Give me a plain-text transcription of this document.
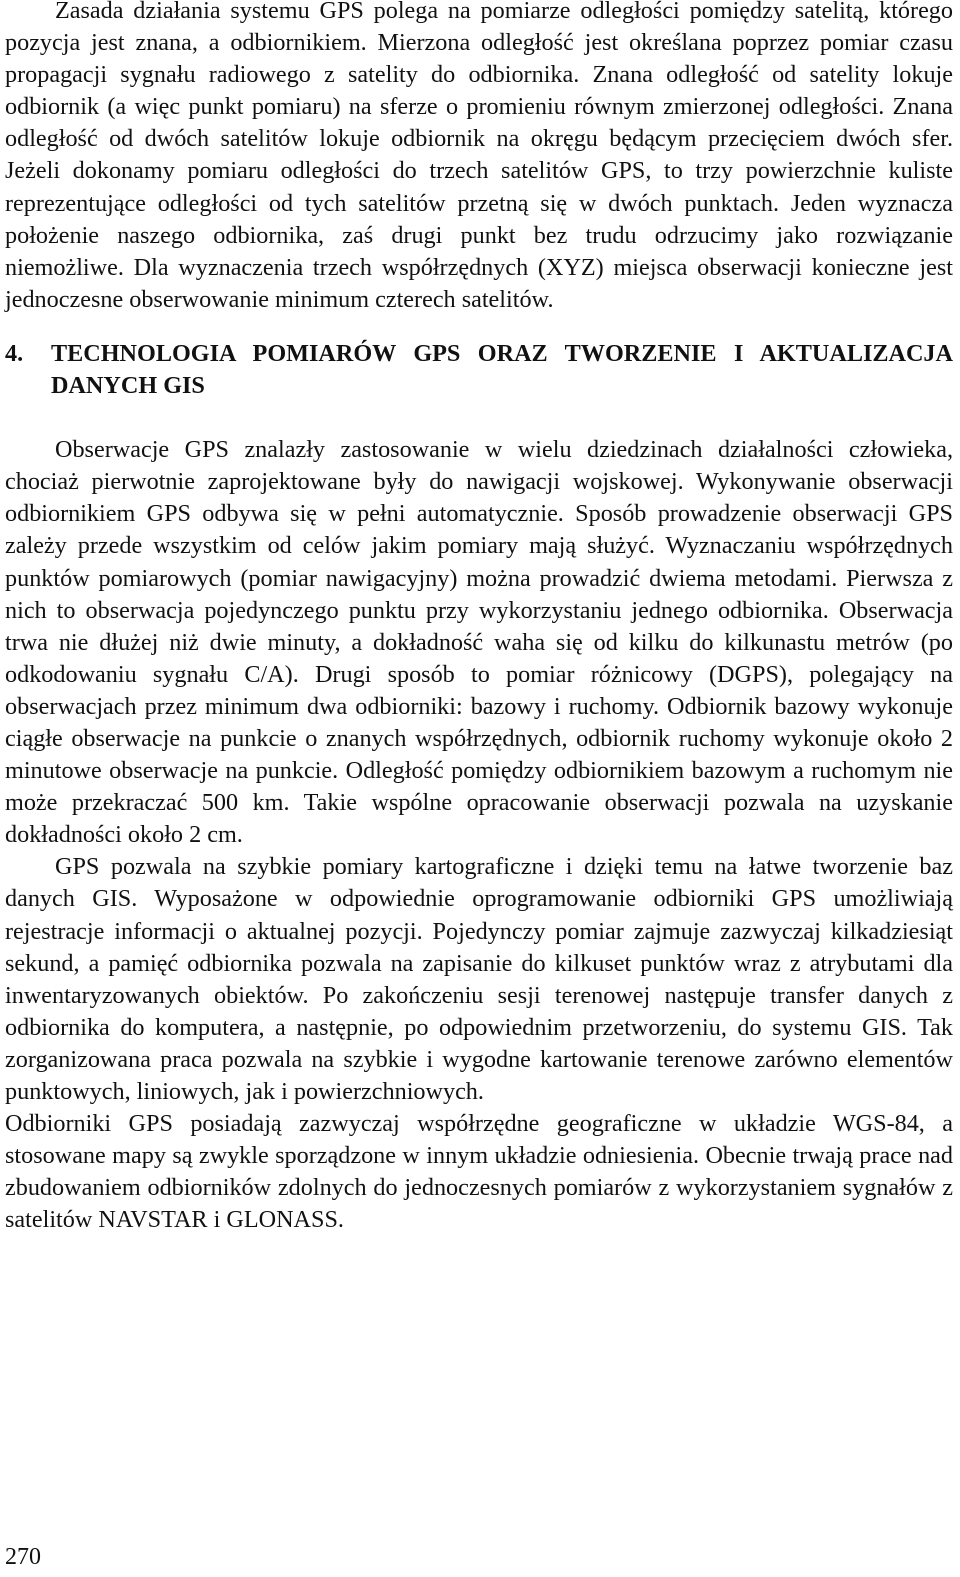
Zasada działania systemu GPS polega na pomiarze odległości pomiędzy satelitą, którego pozycja jest znana, a odbiornikiem. Mierzona odległość jest określana poprzez pomiar czasu propagacji sygnału radiowego z satelity do odbiornika. Znana odległość od satelity lokuje odbiornik (a więc punkt pomiaru) na sferze o promieniu równym zmierzonej odległości. Znana odległość od dwóch satelitów lokuje odbiornik na okręgu będącym przecięciem dwóch sfer. Jeżeli dokonamy pomiaru odległości do trzech satelitów GPS, to trzy powierzchnie kuliste reprezentujące odległości od tych satelitów przetną się w dwóch punktach. Jeden wyznacza położenie naszego odbiornika, zaś drugi punkt bez trudu odrzucimy jako rozwiązanie niemożliwe. Dla wyznaczenia trzech współrzędnych (XYZ) miejsca obserwacji konieczne jest jednoczesne obserwowanie minimum czterech satelitów.

4.	TECHNOLOGIA POMIARÓW GPS ORAZ TWORZENIE I AKTUALIZACJA DANYCH GIS

Obserwacje GPS znalazły zastosowanie w wielu dziedzinach działalności człowieka, chociaż pierwotnie zaprojektowane były do nawigacji wojskowej. Wykonywanie obserwacji odbiornikiem GPS odbywa się w pełni automatycznie. Sposób prowadzenie obserwacji GPS zależy przede wszystkim od celów jakim pomiary mają służyć. Wyznaczaniu współrzędnych punktów pomiarowych (pomiar nawigacyjny) można prowadzić dwiema metodami. Pierwsza z nich to obserwacja pojedynczego punktu przy wykorzystaniu jednego odbiornika. Obserwacja trwa nie dłużej niż dwie minuty, a dokładność waha się od kilku do kilkunastu metrów (po odkodowaniu sygnału C/A). Drugi sposób to pomiar różnicowy (DGPS), polegający na obserwacjach przez minimum dwa odbiorniki: bazowy i ruchomy. Odbiornik bazowy wykonuje ciągłe obserwacje na punkcie o znanych współrzędnych, odbiornik ruchomy wykonuje około 2 minutowe obserwacje na punkcie. Odległość pomiędzy odbiornikiem bazowym a ruchomym nie może przekraczać 500 km. Takie wspólne opracowanie obserwacji pozwala na uzyskanie dokładności około 2 cm.

GPS pozwala na szybkie pomiary kartograficzne i dzięki temu na łatwe tworzenie baz danych GIS. Wyposażone w odpowiednie oprogramowanie odbiorniki GPS umożliwiają rejestracje informacji o aktualnej pozycji. Pojedynczy pomiar zajmuje zazwyczaj kilkadziesiąt sekund, a pamięć odbiornika pozwala na zapisanie do kilkuset punktów wraz z atrybutami dla inwentaryzowanych obiektów. Po zakończeniu sesji terenowej następuje transfer danych z odbiornika do komputera, a następnie, po odpowiednim przetworzeniu, do systemu GIS. Tak zorganizowana praca pozwala na szybkie i wygodne kartowanie terenowe zarówno elementów punktowych, liniowych, jak i powierzchniowych.

Odbiorniki GPS posiadają zazwyczaj współrzędne geograficzne w układzie WGS-84, a stosowane mapy są zwykle sporządzone w innym układzie odniesienia. Obecnie trwają prace nad zbudowaniem odbiorników zdolnych do jednoczesnych pomiarów z wykorzystaniem sygnałów z satelitów NAVSTAR i GLONASS.

270
